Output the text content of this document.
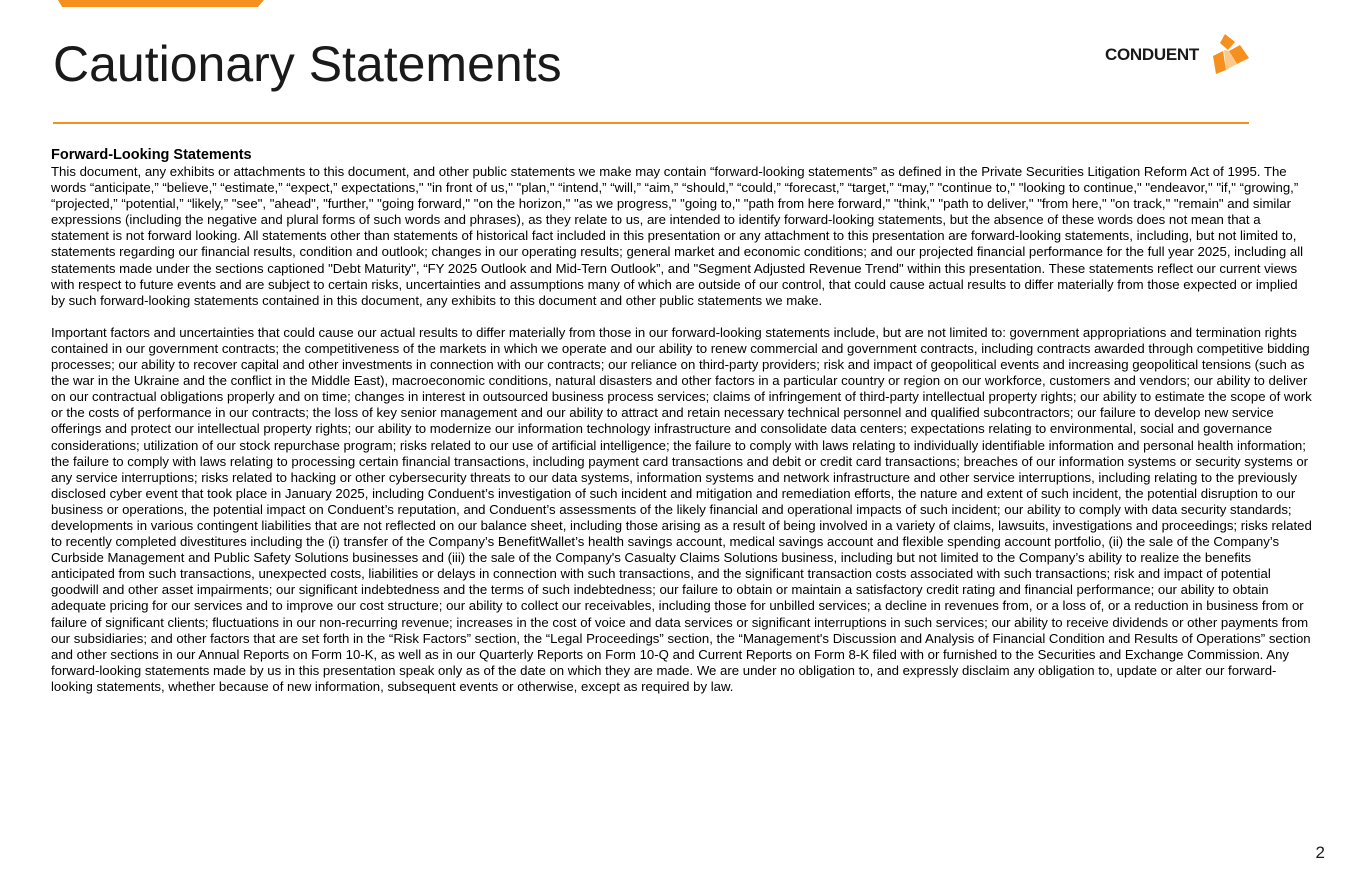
Cautionary Statements	CONDUENT
Forward-Looking Statements

This document, any exhibits or attachments to this document, and other public statements we make may contain “forward-looking statements” as defined in the Private Securities Litigation Reform Act of 1995. The words “anticipate,” “believe,” “estimate,” “expect,” expectations," "in front of us," "plan," “intend,” “will,” “aim,” “should,” “could,” “forecast,” “target,” “may,” "continue to," "looking to continue," "endeavor," "if," “growing,” “projected,” “potential,” “likely,” "see", "ahead", "further," "going forward," "on the horizon," "as we progress," "going to," "path from here forward," "think," "path to deliver," "from here," "on track," "remain" and similar expressions (including the negative and plural forms of such words and phrases), as they relate to us, are intended to identify forward-looking statements, but the absence of these words does not mean that a statement is not forward looking. All statements other than statements of historical fact included in this presentation or any attachment to this presentation are forward-looking statements, including, but not limited to, statements regarding our financial results, condition and outlook; changes in our operating results; general market and economic conditions; and our projected financial performance for the full year 2025, including all statements made under the sections captioned "Debt Maturity", “FY 2025 Outlook and Mid-Tern Outlook”, and "Segment Adjusted Revenue Trend" within this presentation. These statements reflect our current views with respect to future events and are subject to certain risks, uncertainties and assumptions many of which are outside of our control, that could cause actual results to differ materially from those expected or implied by such forward-looking statements contained in this document, any exhibits to this document and other public statements we make.

Important factors and uncertainties that could cause our actual results to differ materially from those in our forward-looking statements include, but are not limited to: government appropriations and termination rights contained in our government contracts; the competitiveness of the markets in which we operate and our ability to renew commercial and government contracts, including contracts awarded through competitive bidding processes; our ability to recover capital and other investments in connection with our contracts; our reliance on third-party providers; risk and impact of geopolitical events and increasing geopolitical tensions (such as the war in the Ukraine and the conflict in the Middle East), macroeconomic conditions, natural disasters and other factors in a particular country or region on our workforce, customers and vendors; our ability to deliver on our contractual obligations properly and on time; changes in interest in outsourced business process services; claims of infringement of third-party intellectual property rights; our ability to estimate the scope of work or the costs of performance in our contracts; the loss of key senior management and our ability to attract and retain necessary technical personnel and qualified subcontractors; our failure to develop new service offerings and protect our intellectual property rights; our ability to modernize our information technology infrastructure and consolidate data centers; expectations relating to environmental, social and governance considerations; utilization of our stock repurchase program; risks related to our use of artificial intelligence; the failure to comply with laws relating to individually identifiable information and personal health information; the failure to comply with laws relating to processing certain financial transactions, including payment card transactions and debit or credit card transactions; breaches of our information systems or security systems or any service interruptions; risks related to hacking or other cybersecurity threats to our data systems, information systems and network infrastructure and other service interruptions, including relating to the previously disclosed cyber event that took place in January 2025, including Conduent’s investigation of such incident and mitigation and remediation efforts, the nature and extent of such incident, the potential disruption to our business or operations, the potential impact on Conduent’s reputation, and Conduent’s assessments of the likely financial and operational impacts of such incident; our ability to comply with data security standards; developments in various contingent liabilities that are not reflected on our balance sheet, including those arising as a result of being involved in a variety of claims, lawsuits, investigations and proceedings; risks related to recently completed divestitures including the (i) transfer of the Company’s BenefitWallet’s health savings account, medical savings account and flexible spending account portfolio, (ii) the sale of the Company’s Curbside Management and Public Safety Solutions businesses and (iii) the sale of the Company's Casualty Claims Solutions business, including but not limited to the Company’s ability to realize the benefits anticipated from such transactions, unexpected costs, liabilities or delays in connection with such transactions, and the significant transaction costs associated with such transactions; risk and impact of potential goodwill and other asset impairments; our significant indebtedness and the terms of such indebtedness; our failure to obtain or maintain a satisfactory credit rating and financial performance; our ability to obtain adequate pricing for our services and to improve our cost structure; our ability to collect our receivables, including those for unbilled services; a decline in revenues from, or a loss of, or a reduction in business from or failure of significant clients; fluctuations in our non-recurring revenue; increases in the cost of voice and data services or significant interruptions in such services; our ability to receive dividends or other payments from our subsidiaries; and other factors that are set forth in the “Risk Factors” section, the “Legal Proceedings” section, the “Management's Discussion and Analysis of Financial Condition and Results of Operations” section and other sections in our Annual Reports on Form 10-K, as well as in our Quarterly Reports on Form 10-Q and Current Reports on Form 8-K filed with or furnished to the Securities and Exchange Commission. Any forward-looking statements made by us in this presentation speak only as of the date on which they are made. We are under no obligation to, and expressly disclaim any obligation to, update or alter our forward-looking statements, whether because of new information, subsequent events or otherwise, except as required by law.

2
